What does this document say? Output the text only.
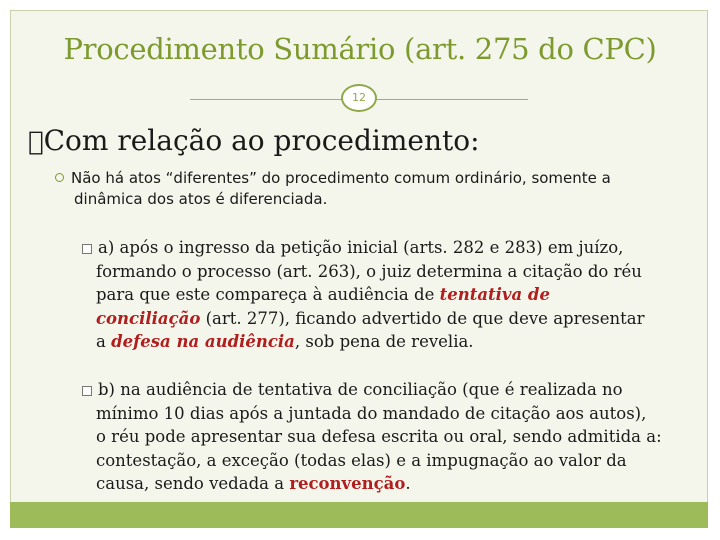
Procedimento Sumário (art. 275 do CPC)
12
Com relação ao procedimento:
Não há atos “diferentes” do procedimento comum ordinário, somente a
dinâmica dos atos é diferenciada.
a) após o ingresso da petição inicial (arts. 282 e 283) em juízo,
formando o processo (art. 263), o juiz determina a citação do réu
para que este compareça à audiência de tentativa de
conciliação (art. 277), ficando advertido de que deve apresentar
a defesa na audiência, sob pena de revelia.
b) na audiência de tentativa de conciliação (que é realizada no
mínimo 10 dias após a juntada do mandado de citação aos autos),
o réu pode apresentar sua defesa escrita ou oral, sendo admitida a:
contestação, a exceção (todas elas) e a impugnação ao valor da
causa, sendo vedada a reconvenção.
